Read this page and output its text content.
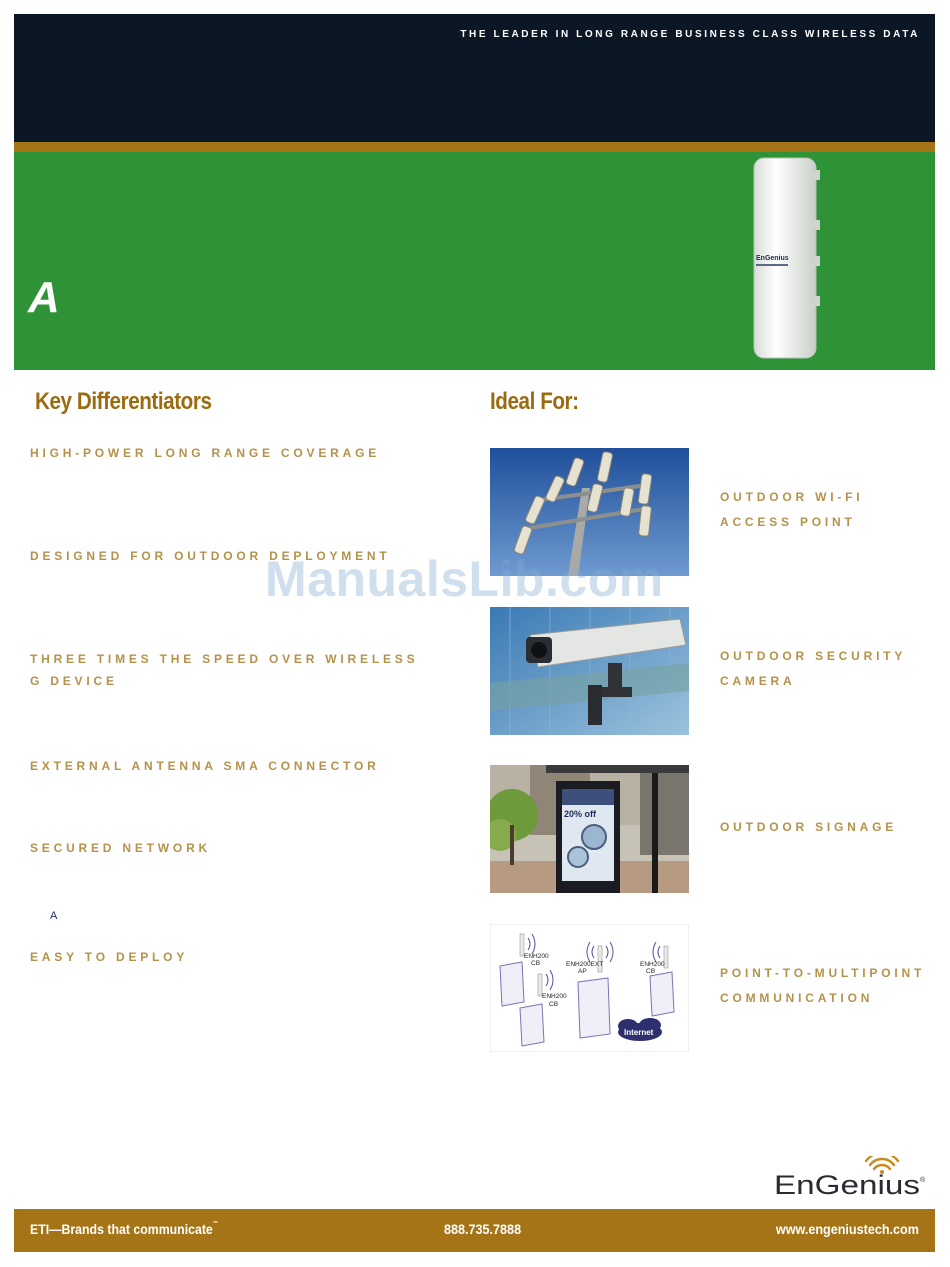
THE LEADER IN LONG RANGE BUSINESS CLASS WIRELESS DATA
A
EnGenius
Key Differentiators
HIGH-POWER LONG RANGE COVERAGE
DESIGNED FOR OUTDOOR DEPLOYMENT
THREE TIMES THE SPEED OVER WIRELESS G DEVICE
EXTERNAL ANTENNA SMA CONNECTOR
SECURED NETWORK
A
EASY TO DEPLOY
Ideal For:
OUTDOOR WI-FI
ACCESS POINT
OUTDOOR SECURITY
CAMERA
20% off
OUTDOOR SIGNAGE
ENH200
CB	ENH200EXT
AP
ENH200
CB
ENH200
CB
Internet
POINT-TO-MULTIPOINT
COMMUNICATION
ManualsLib.com
EnGenius ®
ETI—Brands that communicate™	888.735.7888	www.engeniustech.com
